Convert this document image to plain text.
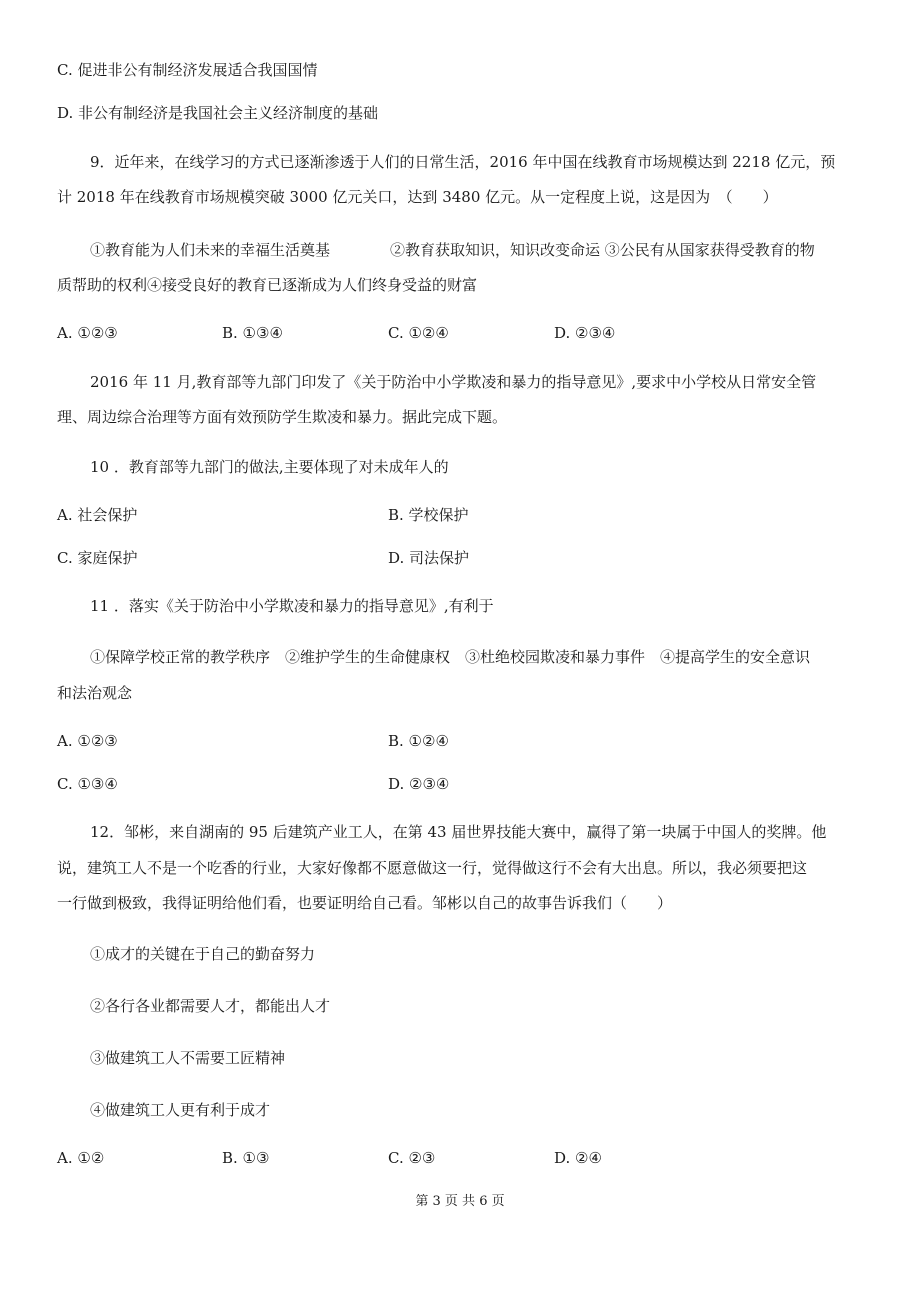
C. 促进非公有制经济发展适合我国国情
D. 非公有制经济是我国社会主义经济制度的基础
9．近年来，在线学习的方式已逐渐渗透于人们的日常生活，2016 年中国在线教育市场规模达到 2218 亿元，预
计 2018 年在线教育市场规模突破 3000 亿元关口，达到 3480 亿元。从一定程度上说，这是因为　（　　）
①教育能为人们未来的幸福生活奠基　　　　②教育获取知识，知识改变命运 ③公民有从国家获得受教育的物
质帮助的权利④接受良好的教育已逐渐成为人们终身受益的财富
A. ①②③	B. ①③④	C. ①②④	D. ②③④
2016 年 11 月,教育部等九部门印发了《关于防治中小学欺凌和暴力的指导意见》,要求中小学校从日常安全管
理、周边综合治理等方面有效预防学生欺凌和暴力。据此完成下题。
10 ．教育部等九部门的做法,主要体现了对未成年人的
A. 社会保护	B. 学校保护
C. 家庭保护	D. 司法保护
11 ．落实《关于防治中小学欺凌和暴力的指导意见》,有利于
①保障学校正常的教学秩序　②维护学生的生命健康权　③杜绝校园欺凌和暴力事件　④提高学生的安全意识
和法治观念
A. ①②③	B. ①②④
C. ①③④	D. ②③④
12．邹彬，来自湖南的 95 后建筑产业工人，在第 43 届世界技能大赛中，赢得了第一块属于中国人的奖牌。他
说，建筑工人不是一个吃香的行业，大家好像都不愿意做这一行，觉得做这行不会有大出息。所以，我必须要把这
一行做到极致，我得证明给他们看，也要证明给自己看。邹彬以自己的故事告诉我们（　　）
①成才的关键在于自己的勤奋努力
②各行各业都需要人才，都能出人才
③做建筑工人不需要工匠精神
④做建筑工人更有利于成才
A. ①②	B. ①③	C. ②③	D. ②④
第 3 页 共 6 页
